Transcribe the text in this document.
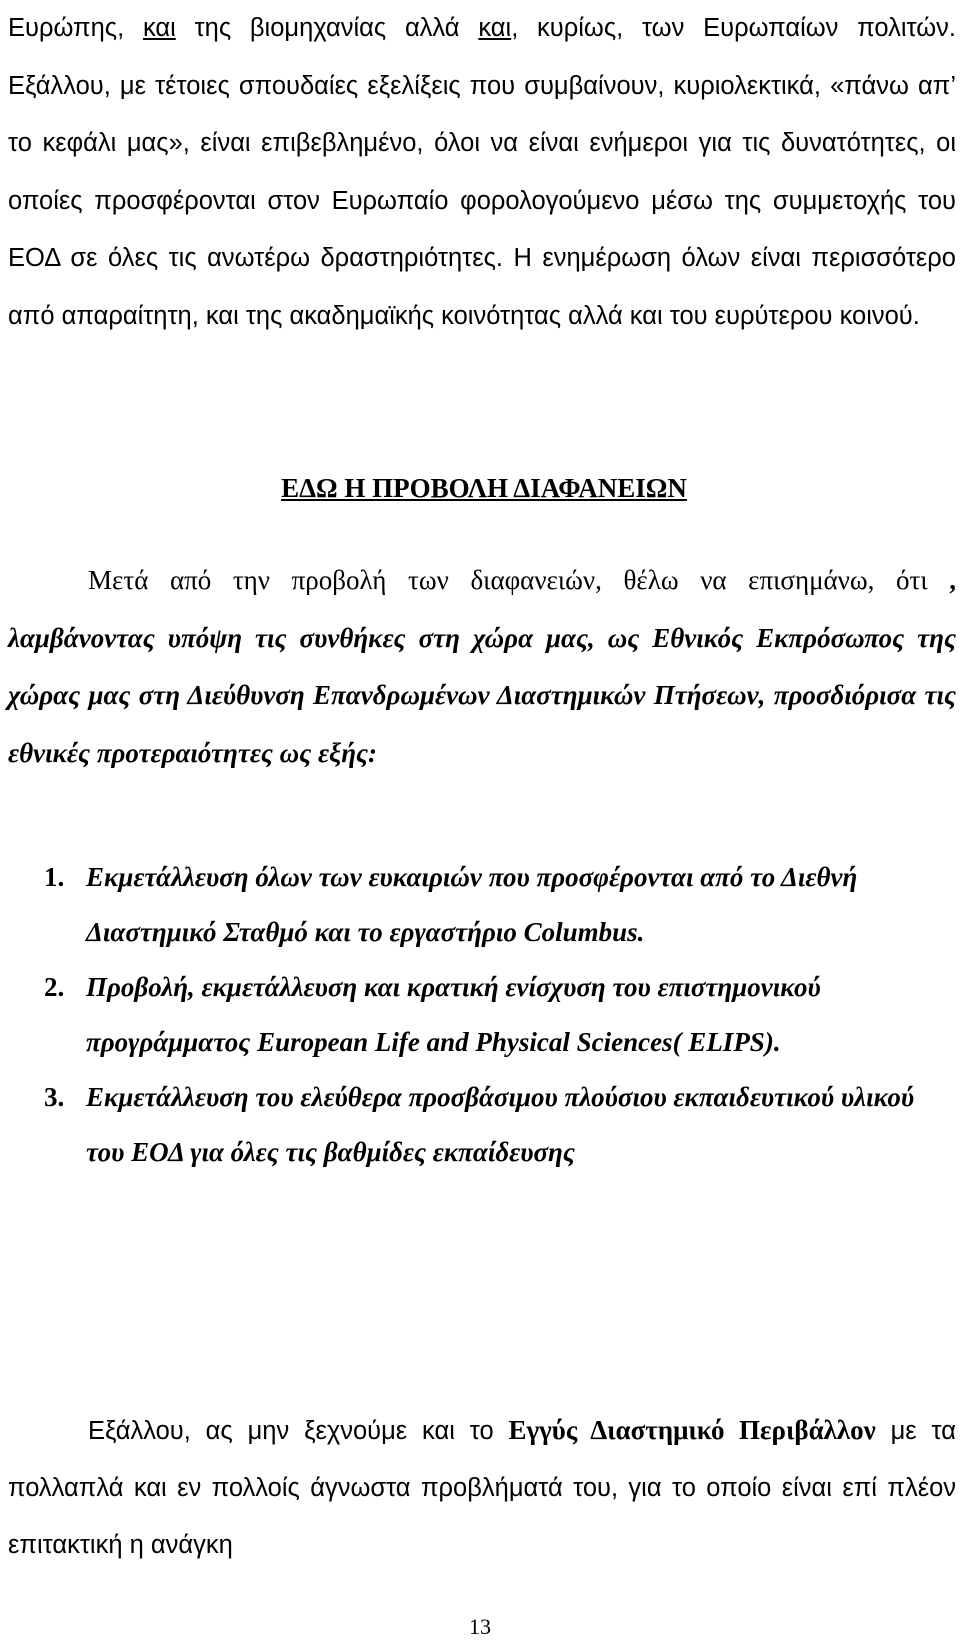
Ευρώπης, και της βιομηχανίας αλλά και, κυρίως, των Ευρωπαίων πολιτών. Εξάλλου, με τέτοιες σπουδαίες εξελίξεις που συμβαίνουν, κυριολεκτικά, «πάνω απ’ το κεφάλι μας», είναι επιβεβλημένο, όλοι να είναι ενήμεροι για τις δυνατότητες, οι οποίες προσφέρονται στον Ευρωπαίο φορολογούμενο μέσω της συμμετοχής του ΕΟΔ σε όλες τις ανωτέρω δραστηριότητες. Η ενημέρωση όλων είναι περισσότερο από απαραίτητη, και της ακαδημαϊκής κοινότητας αλλά και του ευρύτερου κοινού.

ΕΔΩ Η ΠΡΟΒΟΛΗ ΔΙΑΦΑΝΕΙΩΝ

Μετά από την προβολή των διαφανειών, θέλω να επισημάνω, ότι , λαμβάνοντας υπόψη τις συνθήκες στη χώρα μας, ως Εθνικός Εκπρόσωπος της χώρας μας στη Διεύθυνση Επανδρωμένων Διαστημικών Πτήσεων, προσδιόρισα τις εθνικές προτεραιότητες ως εξής:

1. Εκμετάλλευση όλων των ευκαιριών που προσφέρονται από το Διεθνή Διαστημικό Σταθμό και το εργαστήριο Columbus.
2. Προβολή, εκμετάλλευση και κρατική ενίσχυση του επιστημονικού προγράμματος European Life and Physical Sciences( ELIPS).
3. Εκμετάλλευση του ελεύθερα προσβάσιμου πλούσιου εκπαιδευτικού υλικού του ΕΟΔ για όλες τις βαθμίδες εκπαίδευσης

Εξάλλου, ας μην ξεχνούμε και το Εγγύς Διαστημικό Περιβάλλον με τα πολλαπλά και εν πολλοίς άγνωστα προβλήματά του, για το οποίο είναι επί πλέον επιτακτική η ανάγκη

13
